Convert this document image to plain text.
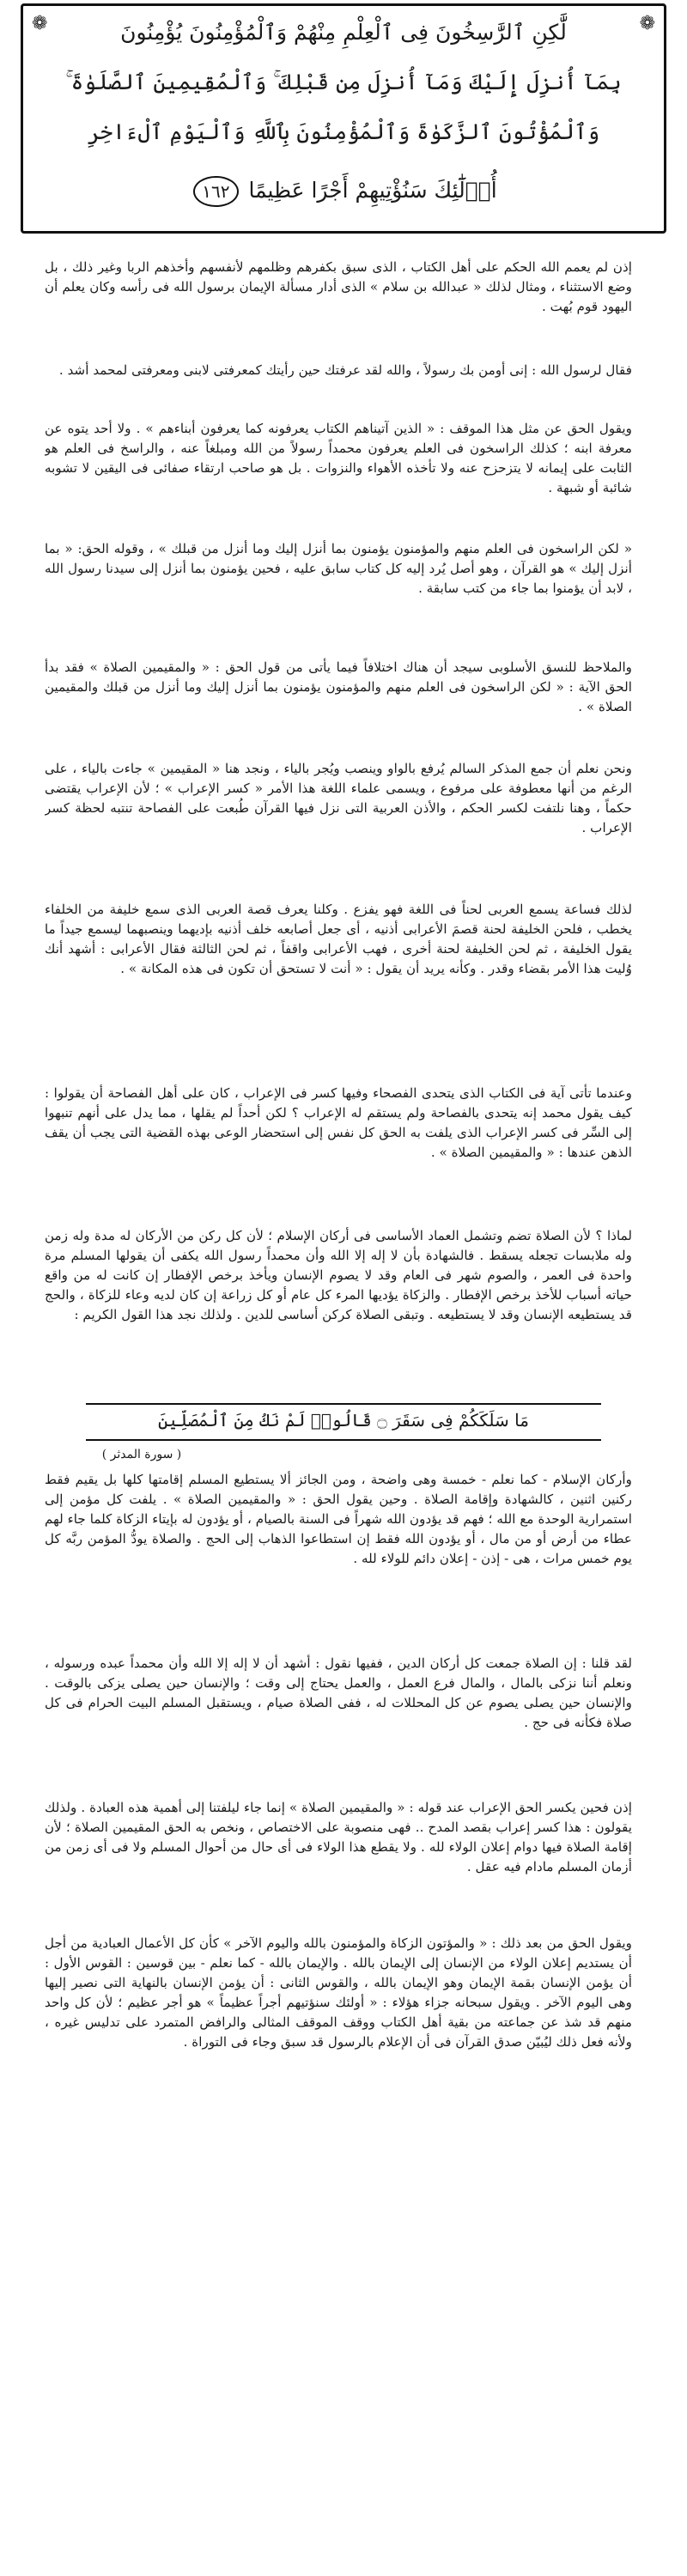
❁
❁	لَّٰكِنِ ٱلرَّٰسِخُونَ فِى ٱلْعِلْمِ مِنْهُمْ وَٱلْمُؤْمِنُونَ يُؤْمِنُونَ
بِمَآ أُنزِلَ إِلَيْكَ وَمَآ أُنزِلَ مِن قَبْلِكَ ۚ وَٱلْمُقِيمِينَ ٱلصَّلَوٰةَ ۚ
وَٱلْمُؤْتُونَ ٱلزَّكَوٰةَ وَٱلْمُؤْمِنُونَ بِٱللَّهِ وَٱلْيَوْمِ ٱلْءَاخِرِ
أُو۟لَٰٓئِكَ سَنُؤْتِيهِمْ أَجْرًا عَظِيمًا ١٦٢
إذن لم يعمم الله الحكم على أهل الكتاب ، الذى سبق بكفرهم وظلمهم لأنفسهم وأخذهم الربا وغير ذلك ، بل وضع الاستثناء ، ومثال لذلك « عبدالله بن سلام » الذى أدار مسألة الإيمان برسول الله فى رأسه وكان يعلم أن اليهود قوم بُهت .
فقال لرسول الله : إنى أومن بك رسولاً ، والله لقد عرفتك حين رأيتك كمعرفتى لابنى ومعرفتى لمحمد أشد .
ويقول الحق عن مثل هذا الموقف : « الذين آتيناهم الكتاب يعرفونه كما يعرفون أبناءهم » . ولا أحد يتوه عن معرفة ابنه ؛ كذلك الراسخون فى العلم يعرفون محمداً رسولاً من الله ومبلغاً عنه ، والراسخ فى العلم هو الثابت على إيمانه لا يتزحزح عنه ولا تأخذه الأهواء والنزوات . بل هو صاحب ارتقاء صفائى فى اليقين لا تشوبه شائبة أو شبهة .
« لكن الراسخون فى العلم منهم والمؤمنون يؤمنون بما أنزل إليك وما أنزل من قبلك » ، وقوله الحق: « بما أنزل إليك » هو القرآن ، وهو أصل يُرد إليه كل كتاب سابق عليه ، فحين يؤمنون بما أنزل إلى سيدنا رسول الله ، لابد أن يؤمنوا بما جاء من كتب سابقة .
والملاحظ للنسق الأسلوبى سيجد أن هناك اختلافاً فيما يأتى من قول الحق : « والمقيمين الصلاة » فقد بدأ الحق الآية : « لكن الراسخون فى العلم منهم والمؤمنون يؤمنون بما أنزل إليك وما أنزل من قبلك والمقيمين الصلاة » .
ونحن نعلم أن جمع المذكر السالم يُرفع بالواو وينصب ويُجر بالياء ، ونجد هنا « المقيمين » جاءت بالياء ، على الرغم من أنها معطوفة على مرفوع ، ويسمى علماء اللغة هذا الأمر « كسر الإعراب » ؛ لأن الإعراب يقتضى حكماً ، وهنا نلتفت لكسر الحكم ، والأذن العربية التى نزل فيها القرآن طُبعت على الفصاحة تنتبه لحظة كسر الإعراب .
لذلك فساعة يسمع العربى لحناً فى اللغة فهو يفزع . وكلنا يعرف قصة العربى الذى سمع خليفة من الخلفاء يخطب ، فلحن الخليفة لحنة قصمَ الأعرابى أذنيه ، أى جعل أصابعه خلف أذنيه بإديهما وينصبهما ليسمع جيداً ما يقول الخليفة ، ثم لحن الخليفة لحنة أخرى ، فهب الأعرابى واقفاً ، ثم لحن الثالثة فقال الأعرابى : أشهد أنك وُليت هذا الأمر بقضاء وقدر . وكأنه يريد أن يقول : « أنت لا تستحق أن تكون فى هذه المكانة » .
وعندما تأتى آية فى الكتاب الذى يتحدى الفصحاء وفيها كسر فى الإعراب ، كان على أهل الفصاحة أن يقولوا : كيف يقول محمد إنه يتحدى بالفصاحة ولم يستقم له الإعراب ؟ لكن أحداً لم يقلها ، مما يدل على أنهم تنبهوا إلى السِّر فى كسر الإعراب الذى يلفت به الحق كل نفس إلى استحضار الوعى بهذه القضية التى يجب أن يقف الذهن عندها : « والمقيمين الصلاة » .
لماذا ؟ لأن الصلاة تضم وتشمل العماد الأساسى فى أركان الإسلام ؛ لأن كل ركن من الأركان له مدة وله زمن وله ملابسات تجعله يسقط . فالشهادة بأن لا إله إلا الله وأن محمداً رسول الله يكفى أن يقولها المسلم مرة واحدة فى العمر ، والصوم شهر فى العام وقد لا يصوم الإنسان ويأخذ برخص الإفطار إن كانت له من واقع حياته أسباب للأخذ برخص الإفطار . والزكاة يؤديها المرء كل عام أو كل زراعة إن كان لديه وعاء للزكاة ، والحج قد يستطيعه الإنسان وقد لا يستطيعه . وتبقى الصلاة كركن أساسى للدين . ولذلك نجد هذا القول الكريم :
مَا سَلَكَكُمْ فِى سَقَرَ ۝ قَالُوا۟ لَمْ نَكُ مِنَ ٱلْمُصَلِّينَ
( سورة المدثر )
وأركان الإسلام - كما نعلم - خمسة وهى واضحة ، ومن الجائز ألا يستطيع المسلم إقامتها كلها بل يقيم فقط ركنين اثنين ، كالشهادة وإقامة الصلاة . وحين يقول الحق : « والمقيمين الصلاة » . يلفت كل مؤمن إلى استمرارية الوحدة مع الله ؛ فهم قد يؤدون الله شهراً فى السنة بالصيام ، أو يؤدون له بإيتاء الزكاة كلما جاء لهم عطاء من أرض أو من مال ، أو يؤدون الله فقط إن استطاعوا الذهاب إلى الحج . والصلاة يودُّ المؤمن ربَّه كل يوم خمس مرات ، هى - إذن - إعلان دائم للولاء لله .
لقد قلنا : إن الصلاة جمعت كل أركان الدين ، ففيها نقول : أشهد أن لا إله إلا الله وأن محمداً عبده ورسوله ، ونعلم أننا نزكى بالمال ، والمال فرع العمل ، والعمل يحتاج إلى وقت ؛ والإنسان حين يصلى يزكى بالوقت . والإنسان حين يصلى يصوم عن كل المحللات له ، ففى الصلاة صيام ، ويستقبل المسلم البيت الحرام فى كل صلاة فكأنه فى حج .
إذن فحين يكسر الحق الإعراب عند قوله : « والمقيمين الصلاة » إنما جاء ليلفتنا إلى أهمية هذه العبادة . ولذلك يقولون : هذا كسر إعراب بقصد المدح .. فهى منصوبة على الاختصاص ، ونخص به الحق المقيمين الصلاة ؛ لأن إقامة الصلاة فيها دوام إعلان الولاء لله . ولا يقطع هذا الولاء فى أى حال من أحوال المسلم ولا فى أى زمن من أزمان المسلم مادام فيه عقل .
ويقول الحق من بعد ذلك : « والمؤتون الزكاة والمؤمنون بالله واليوم الآخر » كأن كل الأعمال العبادية من أجل أن يستديم إعلان الولاء من الإنسان إلى الإيمان بالله . والإيمان بالله - كما نعلم - بين قوسين : القوس الأول : أن يؤمن الإنسان بقمة الإيمان وهو الإيمان بالله ، والقوس الثانى : أن يؤمن الإنسان بالنهاية التى نصير إليها وهى اليوم الآخر . ويقول سبحانه جزاء هؤلاء : « أولئك سنؤتيهم أجراً عظيماً » هو أجر عظيم ؛ لأن كل واحد منهم قد شذ عن جماعته من بقية أهل الكتاب ووقف الموقف المثالى والرافض المتمرد على تدليس غيره ، ولأنه فعل ذلك ليُبيّن صدق القرآن فى أن الإعلام بالرسول قد سبق وجاء فى التوراة .
